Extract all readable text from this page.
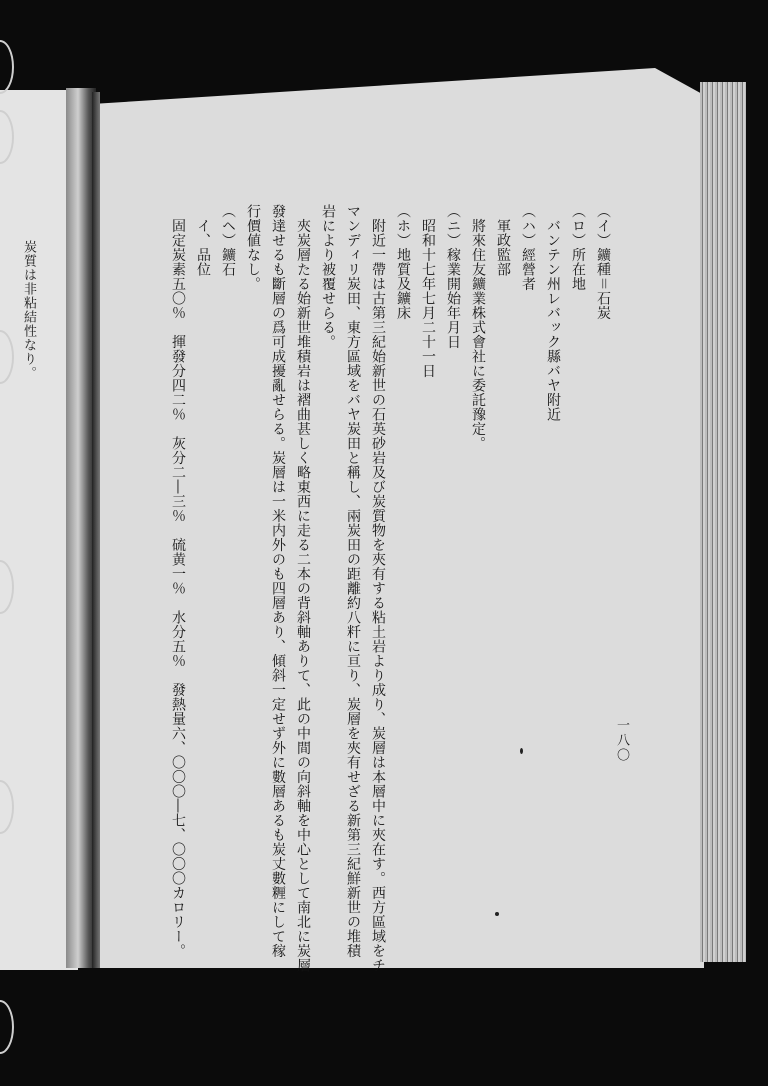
炭質は非粘結性なり。	（イ）鑛種＝石炭
（ロ）所在地
　バンテン州レバック縣バヤ附近
（ハ）經營者
　軍政監部
　將來住友鑛業株式會社に委託豫定。
（ニ）稼業開始年月日
　昭和十七年七月二十一日
（ホ）地質及鑛床
　附近一帶は古第三紀始新世の石英砂岩及び炭質物を夾有する粘土岩より成り、炭層は本層中に夾在す。西方區域をチ
マンディリ炭田、東方區域をバヤ炭田と稱し、兩炭田の距離約八粁に亘り、炭層を夾有せざる新第三紀鮮新世の堆積
岩により被覆せらる。
　夾炭層たる始新世堆積岩は褶曲甚しく略東西に走る二本の背斜軸ありて、此の中間の向斜軸を中心として南北に炭層
發達せるも斷層の爲可成擾亂せらる。炭層は一米内外のも四層あり、傾斜一定せず外に數層あるも炭丈數糎にして稼
行價値なし。
（ヘ）鑛石
　イ、品位
　固定炭素五〇％　揮發分四二％　灰分二―三％　硫黄一％　水分五％　發熱量六、〇〇〇―七、〇〇〇カロリー。	一八〇
